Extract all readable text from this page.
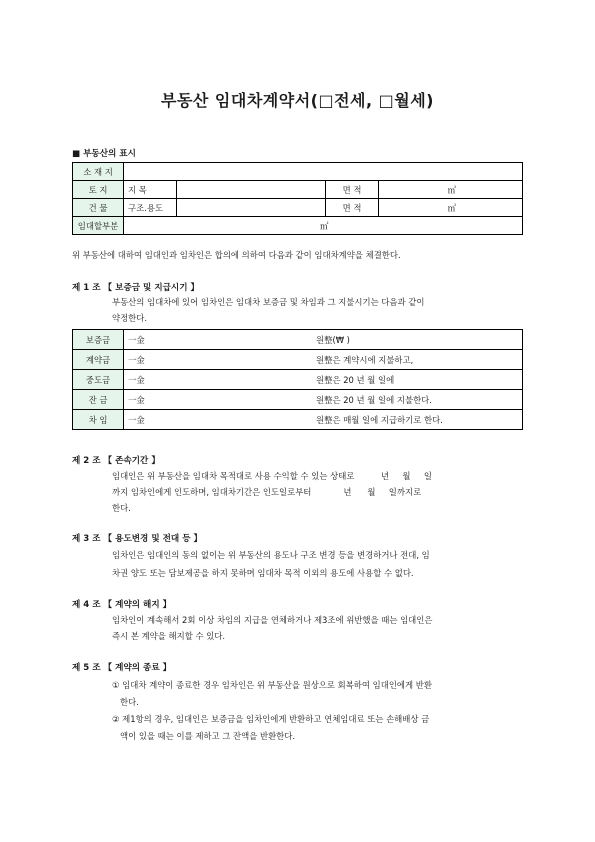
부동산 임대차계약서(□전세, □월세)
■ 부동산의 표시
소 재 지				
토 지	지 목		면 적	㎡
건 물	구조.용도		면 적	㎡
임대할부분	㎡			
위 부동산에 대하여 임대인과 임차인은 합의에 의하여 다음과 같이 임대차계약을 체결한다.
제 1 조 【 보증금 및 지급시기 】
부동산의 임대차에 있어 임차인은 임대차 보증금 및 차임과 그 지불시기는 다음과 같이
약정한다.
보증금	一金	원整(₩ )
계약금	一金	원整은 계약시에 지불하고,
중도금	一金	원整은 20 년 월 일에
잔 금	一金	원整은 20 년 월 일에 지불한다.
차 임	一金	원整은 매월 일에 지급하기로 한다.
제 2 조 【 존속기간 】
임대인은 위 부동산을 임대차 목적대로 사용 수익할 수 있는 상태로          년     월     일
까지 임차인에게 인도하며, 임대차기간은 인도일로부터            년      월     일까지로
한다.
제 3 조 【 용도변경 및 전대 등 】
임차인은 임대인의 동의 없이는 위 부동산의 용도나 구조 변경 등을 변경하거나 전대, 임
차권 양도 또는 담보제공을 하지 못하며 임대차 목적 이외의 용도에 사용할 수 없다.
제 4 조 【 계약의 해지 】
임차인이 계속해서 2회 이상 차임의 지급을 연체하거나 제3조에 위반했을 때는 임대인은
즉시 본 계약을 해지할 수 있다.
제 5 조 【 계약의 종료 】
① 임대차 계약이 종료한 경우 임차인은 위 부동산을 원상으로 회복하여 임대인에게 반환
한다.
② 제1항의 경우, 임대인은 보증금을 임차인에게 반환하고 연체임대료 또는 손해배상 금
액이 있을 때는 이를 제하고 그 잔액을 반환한다.
